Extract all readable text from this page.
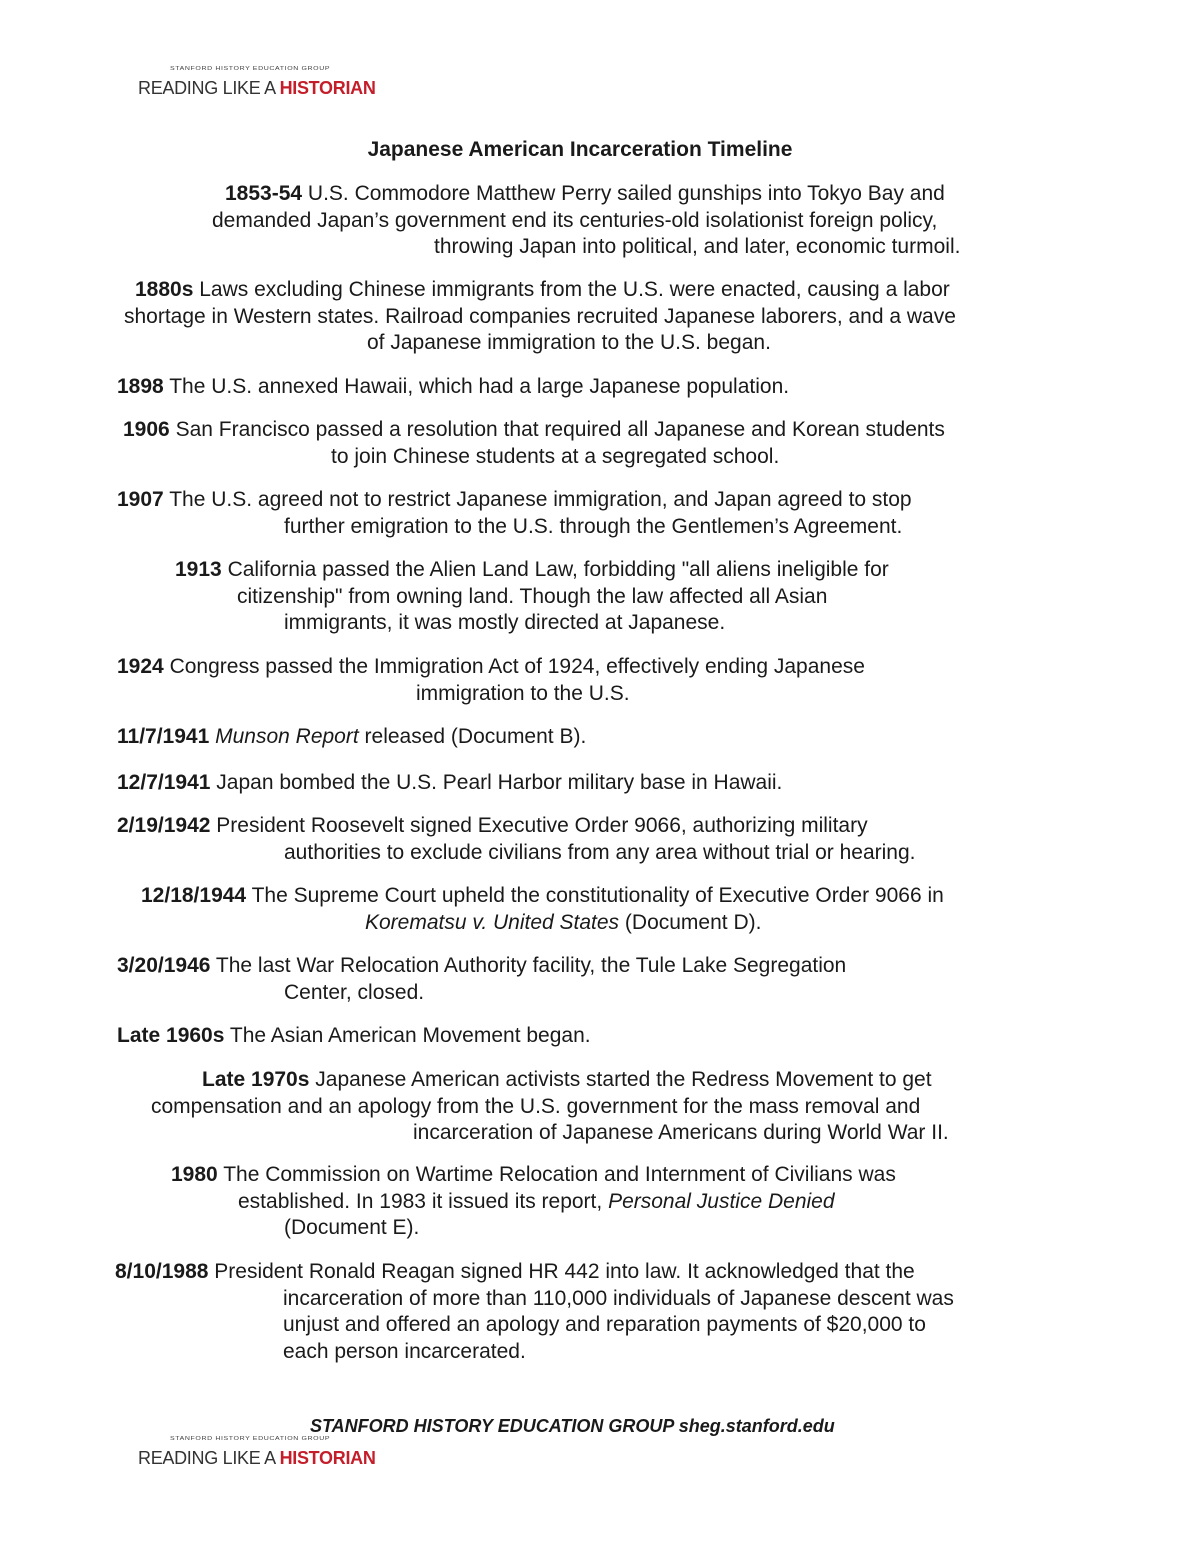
STANFORD HISTORY EDUCATION GROUP
READING LIKE A HISTORIAN
Japanese American Incarceration Timeline
1853-54 U.S. Commodore Matthew Perry sailed gunships into Tokyo Bay and
demanded Japan’s government end its centuries-old isolationist foreign policy,
throwing Japan into political, and later, economic turmoil.
1880s Laws excluding Chinese immigrants from the U.S. were enacted, causing a labor
shortage in Western states. Railroad companies recruited Japanese laborers, and a wave
of Japanese immigration to the U.S. began.
1898 The U.S. annexed Hawaii, which had a large Japanese population.
1906 San Francisco passed a resolution that required all Japanese and Korean students
to join Chinese students at a segregated school.
1907 The U.S. agreed not to restrict Japanese immigration, and Japan agreed to stop
further emigration to the U.S. through the Gentlemen’s Agreement.
1913 California passed the Alien Land Law, forbidding "all aliens ineligible for
citizenship" from owning land. Though the law affected all Asian
immigrants, it was mostly directed at Japanese.
1924 Congress passed the Immigration Act of 1924, effectively ending Japanese
immigration to the U.S.
11/7/1941 Munson Report released (Document B).
12/7/1941 Japan bombed the U.S. Pearl Harbor military base in Hawaii.
2/19/1942 President Roosevelt signed Executive Order 9066, authorizing military
authorities to exclude civilians from any area without trial or hearing.
12/18/1944 The Supreme Court upheld the constitutionality of Executive Order 9066 in
Korematsu v. United States (Document D).
3/20/1946 The last War Relocation Authority facility, the Tule Lake Segregation
Center, closed.
Late 1960s The Asian American Movement began.
Late 1970s Japanese American activists started the Redress Movement to get
compensation and an apology from the U.S. government for the mass removal and
incarceration of Japanese Americans during World War II.
1980 The Commission on Wartime Relocation and Internment of Civilians was
established. In 1983 it issued its report, Personal Justice Denied
(Document E).
8/10/1988 President Ronald Reagan signed HR 442 into law. It acknowledged that the
incarceration of more than 110,000 individuals of Japanese descent was
unjust and offered an apology and reparation payments of $20,000 to
each person incarcerated.
STANFORD HISTORY EDUCATION GROUP sheg.stanford.edu
STANFORD HISTORY EDUCATION GROUP
READING LIKE A HISTORIAN
